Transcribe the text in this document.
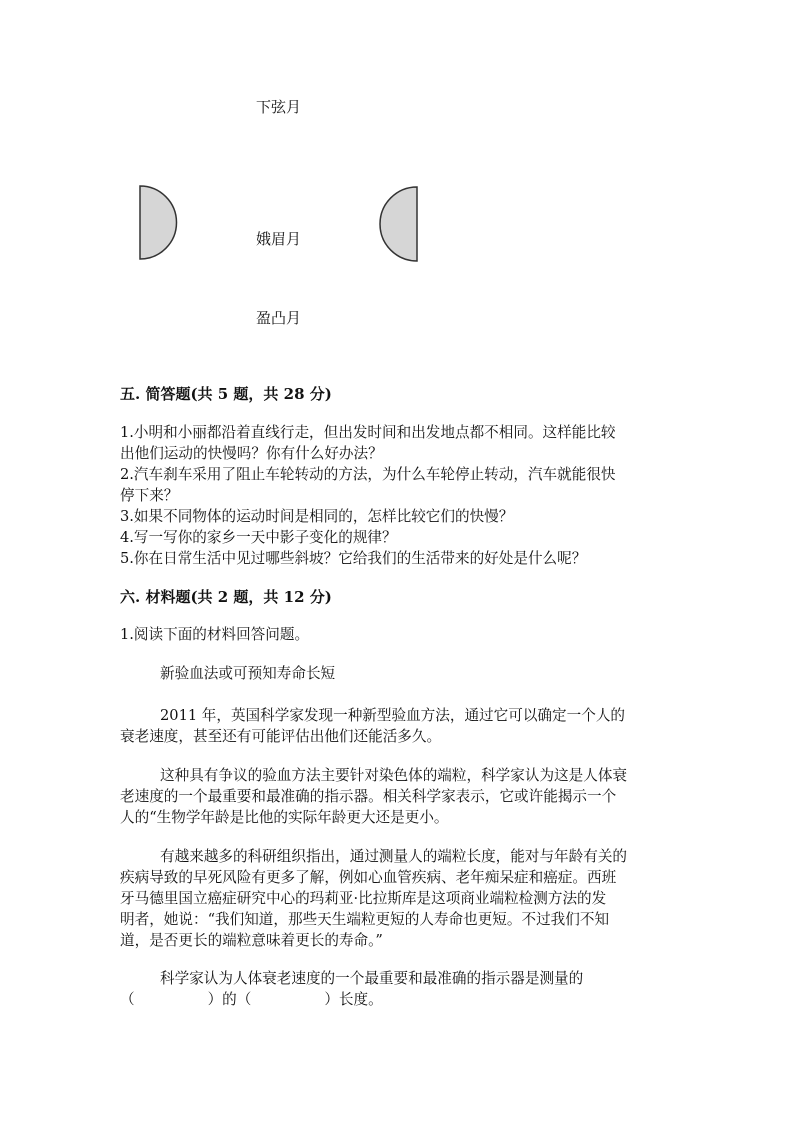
下弦月
娥眉月
盈凸月
五. 简答题(共 5 题，共 28 分)
1.小明和小丽都沿着直线行走，但出发时间和出发地点都不相同。这样能比较
出他们运动的快慢吗？你有什么好办法？
2.汽车刹车采用了阻止车轮转动的方法，为什么车轮停止转动，汽车就能很快
停下来？
3.如果不同物体的运动时间是相同的，怎样比较它们的快慢？
4.写一写你的家乡一天中影子变化的规律？
5.你在日常生活中见过哪些斜坡？它给我们的生活带来的好处是什么呢？
六. 材料题(共 2 题，共 12 分)
1.阅读下面的材料回答问题。
新验血法或可预知寿命长短
2011 年，英国科学家发现一种新型验血方法，通过它可以确定一个人的
衰老速度，甚至还有可能评估出他们还能活多久。
这种具有争议的验血方法主要针对染色体的端粒，科学家认为这是人体衰
老速度的一个最重要和最准确的指示器。相关科学家表示，它或许能揭示一个
人的“生物学年龄是比他的实际年龄更大还是更小。
有越来越多的科研组织指出，通过测量人的端粒长度，能对与年龄有关的
疾病导致的早死风险有更多了解，例如心血管疾病、老年痴呆症和癌症。西班
牙马德里国立癌症研究中心的玛莉亚·比拉斯库是这项商业端粒检测方法的发
明者，她说：“我们知道，那些天生端粒更短的人寿命也更短。不过我们不知
道，是否更长的端粒意味着更长的寿命。”
科学家认为人体衰老速度的一个最重要和最准确的指示器是测量的
（　　　　　）的（　　　　　）长度。
